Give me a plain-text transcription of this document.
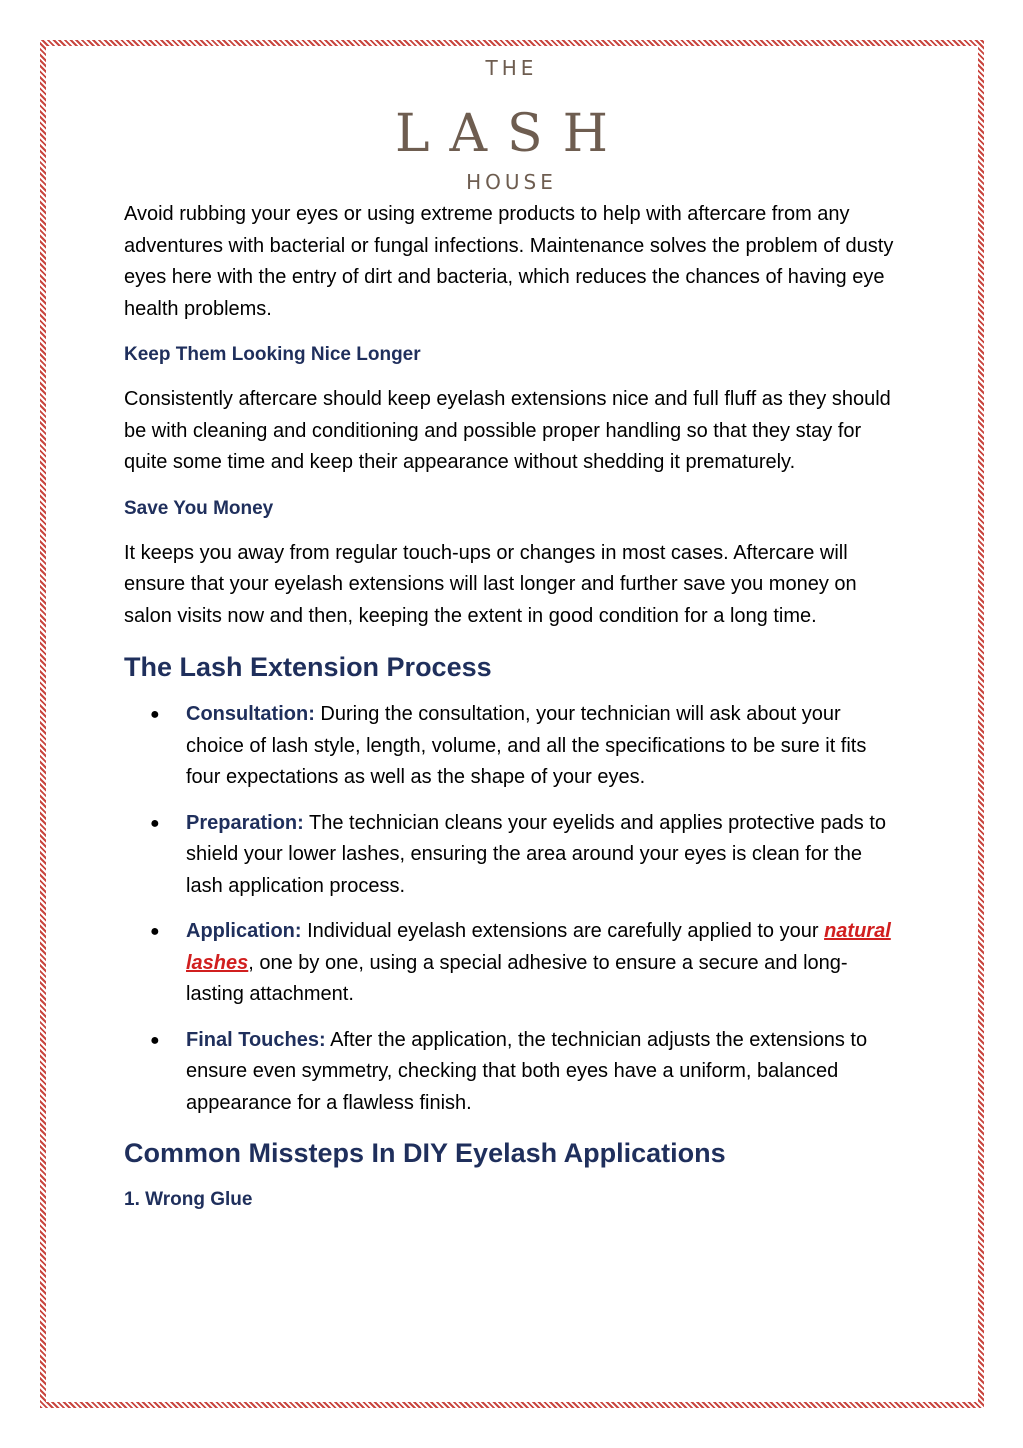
THE
LASH
HOUSE

Avoid rubbing your eyes or using extreme products to help with aftercare from any adventures with bacterial or fungal infections. Maintenance solves the problem of dusty eyes here with the entry of dirt and bacteria, which reduces the chances of having eye health problems.

Keep Them Looking Nice Longer

Consistently aftercare should keep eyelash extensions nice and full fluff as they should be with cleaning and conditioning and possible proper handling so that they stay for quite some time and keep their appearance without shedding it prematurely.

Save You Money

It keeps you away from regular touch-ups or changes in most cases. Aftercare will ensure that your eyelash extensions will last longer and further save you money on salon visits now and then, keeping the extent in good condition for a long time.

The Lash Extension Process

● Consultation: During the consultation, your technician will ask about your choice of lash style, length, volume, and all the specifications to be sure it fits four expectations as well as the shape of your eyes.
● Preparation: The technician cleans your eyelids and applies protective pads to shield your lower lashes, ensuring the area around your eyes is clean for the lash application process.
● Application: Individual eyelash extensions are carefully applied to your natural lashes, one by one, using a special adhesive to ensure a secure and long-lasting attachment.
● Final Touches: After the application, the technician adjusts the extensions to ensure even symmetry, checking that both eyes have a uniform, balanced appearance for a flawless finish.

Common Missteps In DIY Eyelash Applications

1. Wrong Glue
